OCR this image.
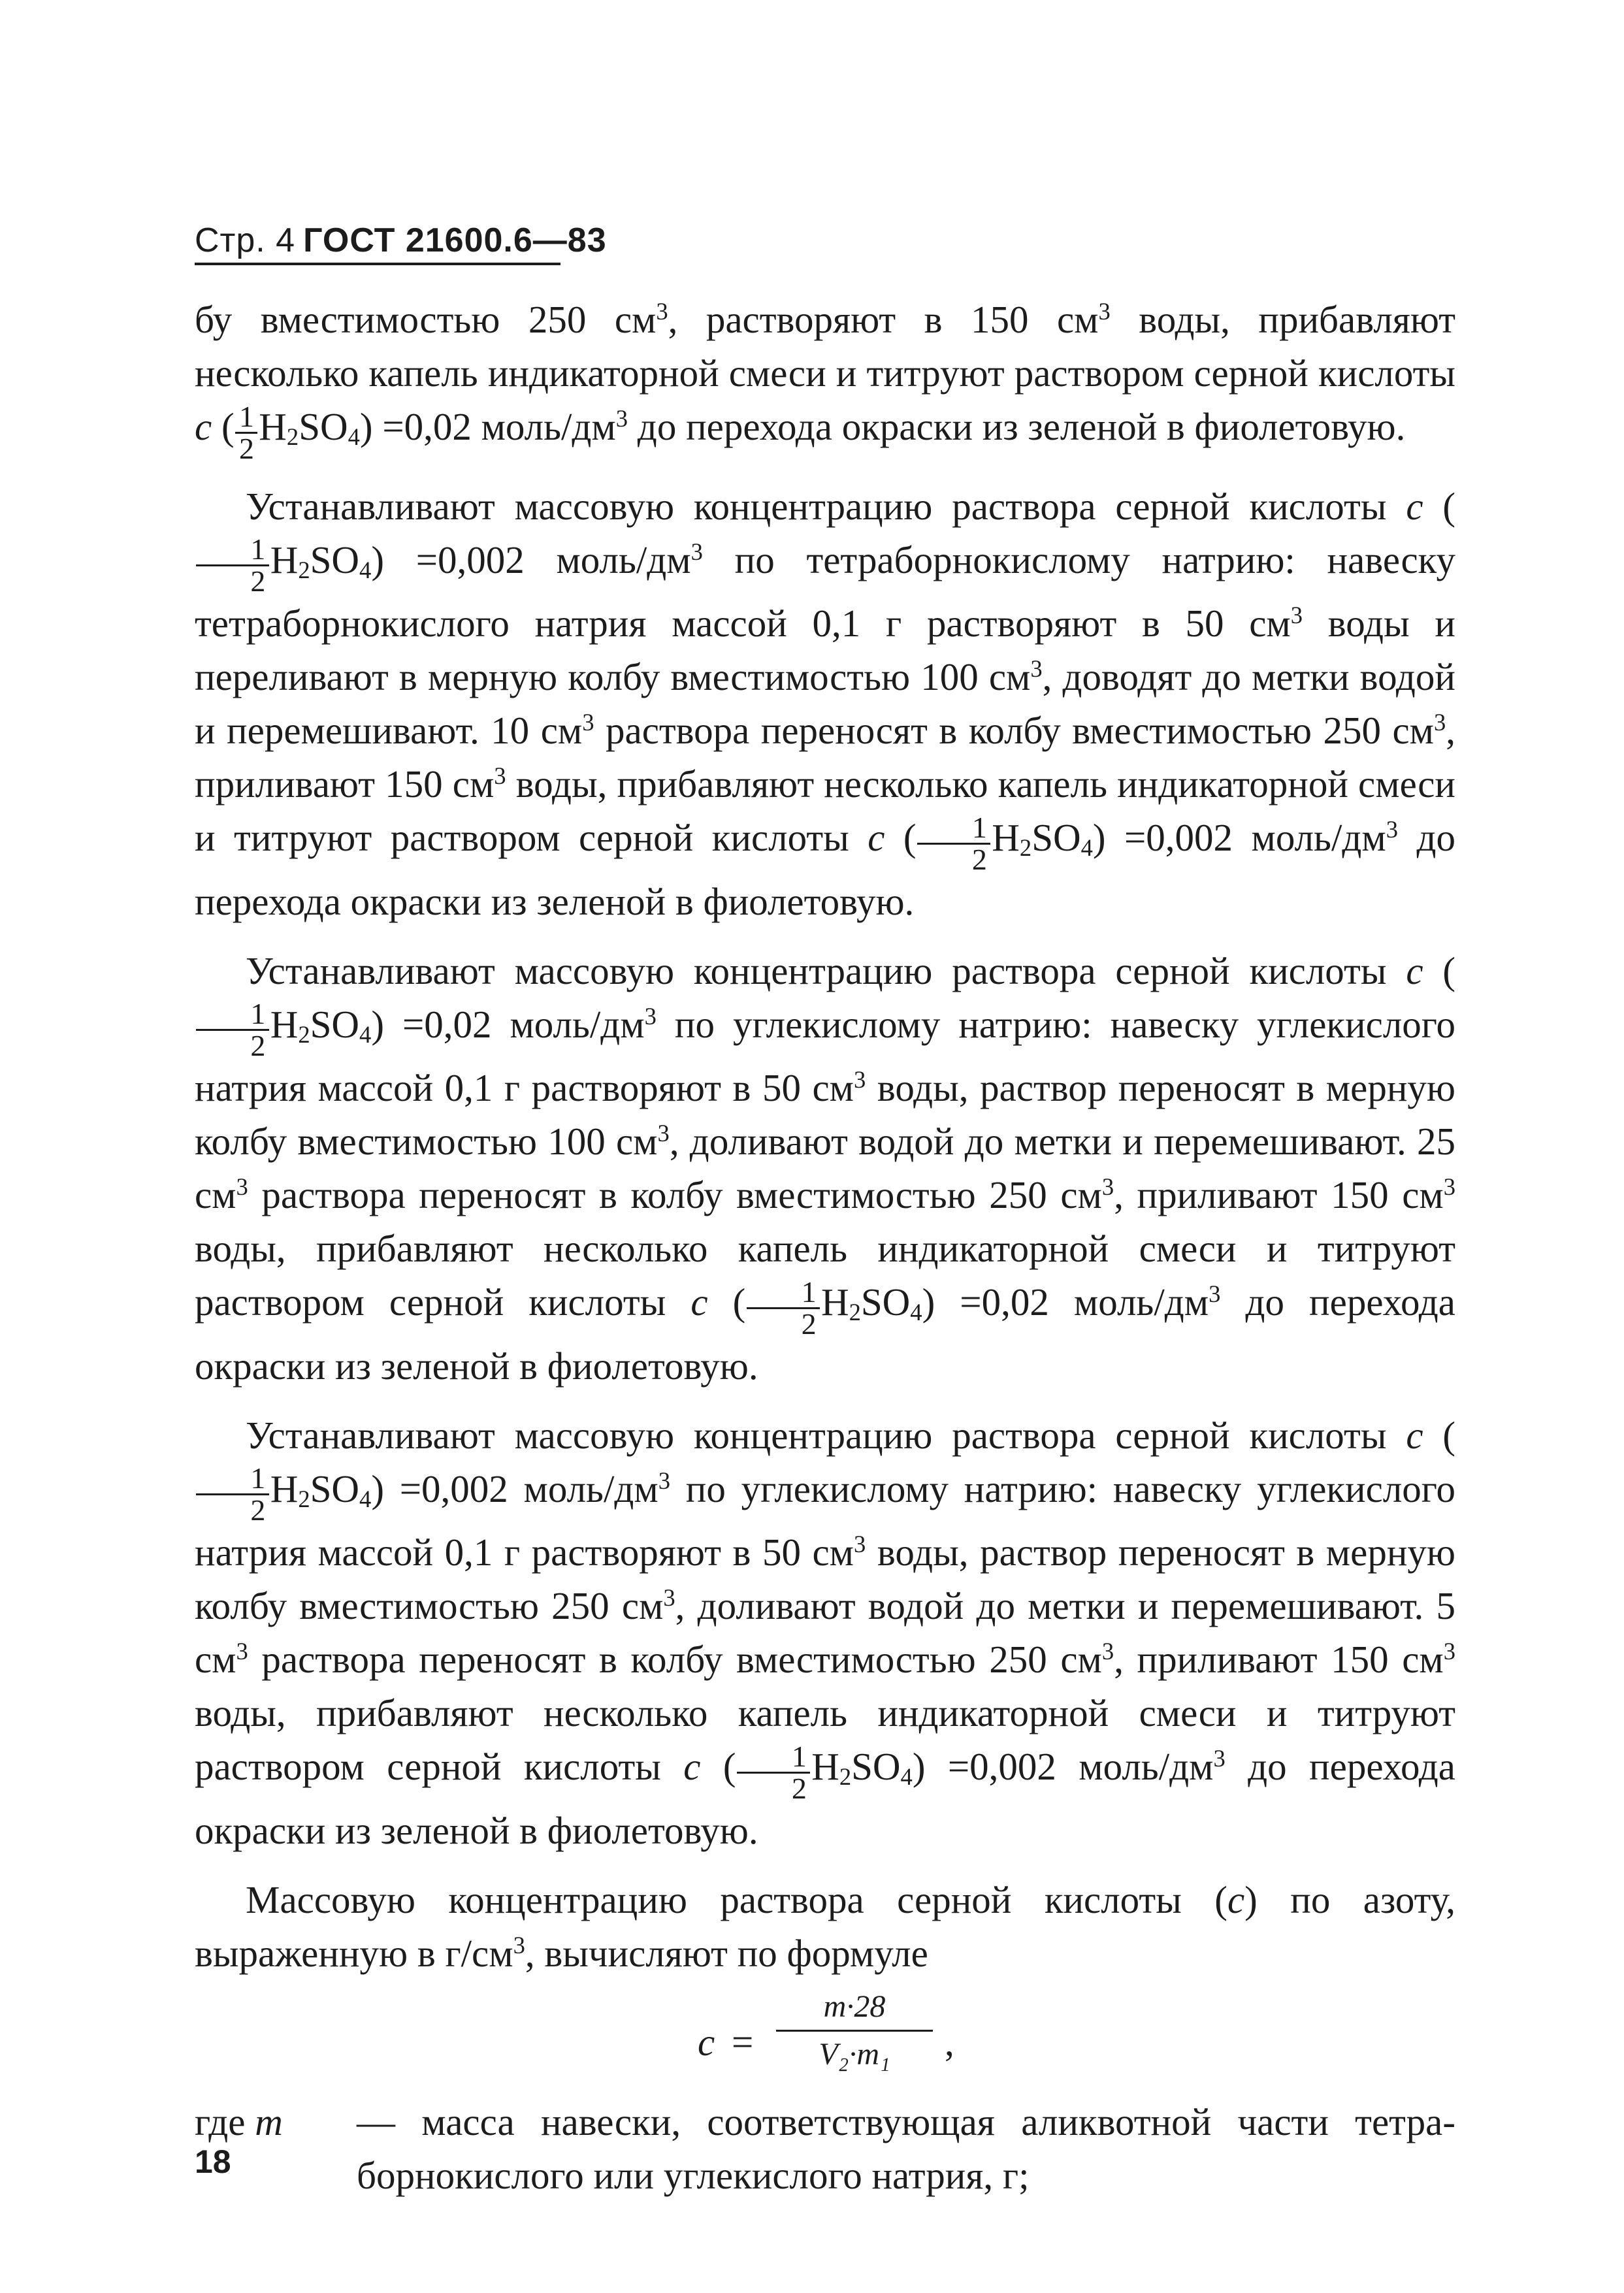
Стр. 4 ГОСТ 21600.6—83

бу вместимостью 250 $см^3$, растворяют в 150 $см^3$ воды, прибавляют несколько капель индикаторной смеси и титруют раствором серной кислоты c ( $\frac{1}{2} H_2SO_4) =0,02$ моль/$дм^3$ до перехода окраски из зеленой в фиолетовую.

Устанавливают массовую концентрацию раствора серной кислоты c (
$\frac{1}{2} H_2SO_4) =0,002$ моль/$дм^3$ по тетраборнокислому натрию: навеску тетраборнокислого натрия массой 0,1 г растворяют в 50 $см^3$ воды и переливают в мерную колбу вместимостью 100 $см^3$, доводят до метки водой и перемешивают. 10 $см^3$ раствора переносят в колбу вместимостью 250 $см^3$, приливают 150 $см^3$ воды, прибавляют несколько капель индикаторной смеси и титруют раствором серной кислоты c ( $\frac{1}{2} H_2SO_4) =0,002$ моль/$дм^3$ до перехода окраски из зеленой в фиолетовую.

Устанавливают массовую концентрацию раствора серной кислоты c (
$\frac{1}{2} H_2SO_4) =0,02$ моль/$дм^3$ по углекислому натрию: навеску углекислого натрия массой 0,1 г растворяют в 50 $см^3$ воды, раствор переносят в мерную колбу вместимостью 100 $см^3$, доливают водой до метки и перемешивают. 25 $см^3$ раствора переносят в колбу вместимостью 250 $см^3$, приливают 150 $см^3$ воды, прибавляют несколько капель индикаторной смеси и титруют раствором серной кислоты c ( $\frac{1}{2} H_2SO_4) =0,02$ моль/$дм^3$ до перехода окраски из зеленой в фиолетовую.

Устанавливают массовую концентрацию раствора серной кислоты c (
$\frac{1}{2} H_2SO_4) =0,002$ моль/$дм^3$ по углекислому натрию: навеску углекислого натрия массой 0,1 г растворяют в 50 $см^3$ воды, раствор переносят в мерную колбу вместимостью 250 $см^3$, доливают водой до метки и перемешивают. 5 $см^3$ раствора переносят в колбу вместимостью 250 $см^3$, приливают 150 $см^3$ воды, прибавляют несколько капель индикаторной смеси и титруют раствором серной кислоты c ( $\frac{1}{2} H_2SO_4) =0,002$ моль/$дм^3$ до перехода окраски из зеленой в фиолетовую.

Массовую концентрацию раствора серной кислоты (c) по азоту, выраженную в $г/см^3$, вычисляют по формуле

$c = \frac{m\cdot 28}{\text{V₂·m₁}}$ ,
где m	— масса навески, соответствующая аликвотной части тетра-
борнокислого или углекислого натрия, г;
18
